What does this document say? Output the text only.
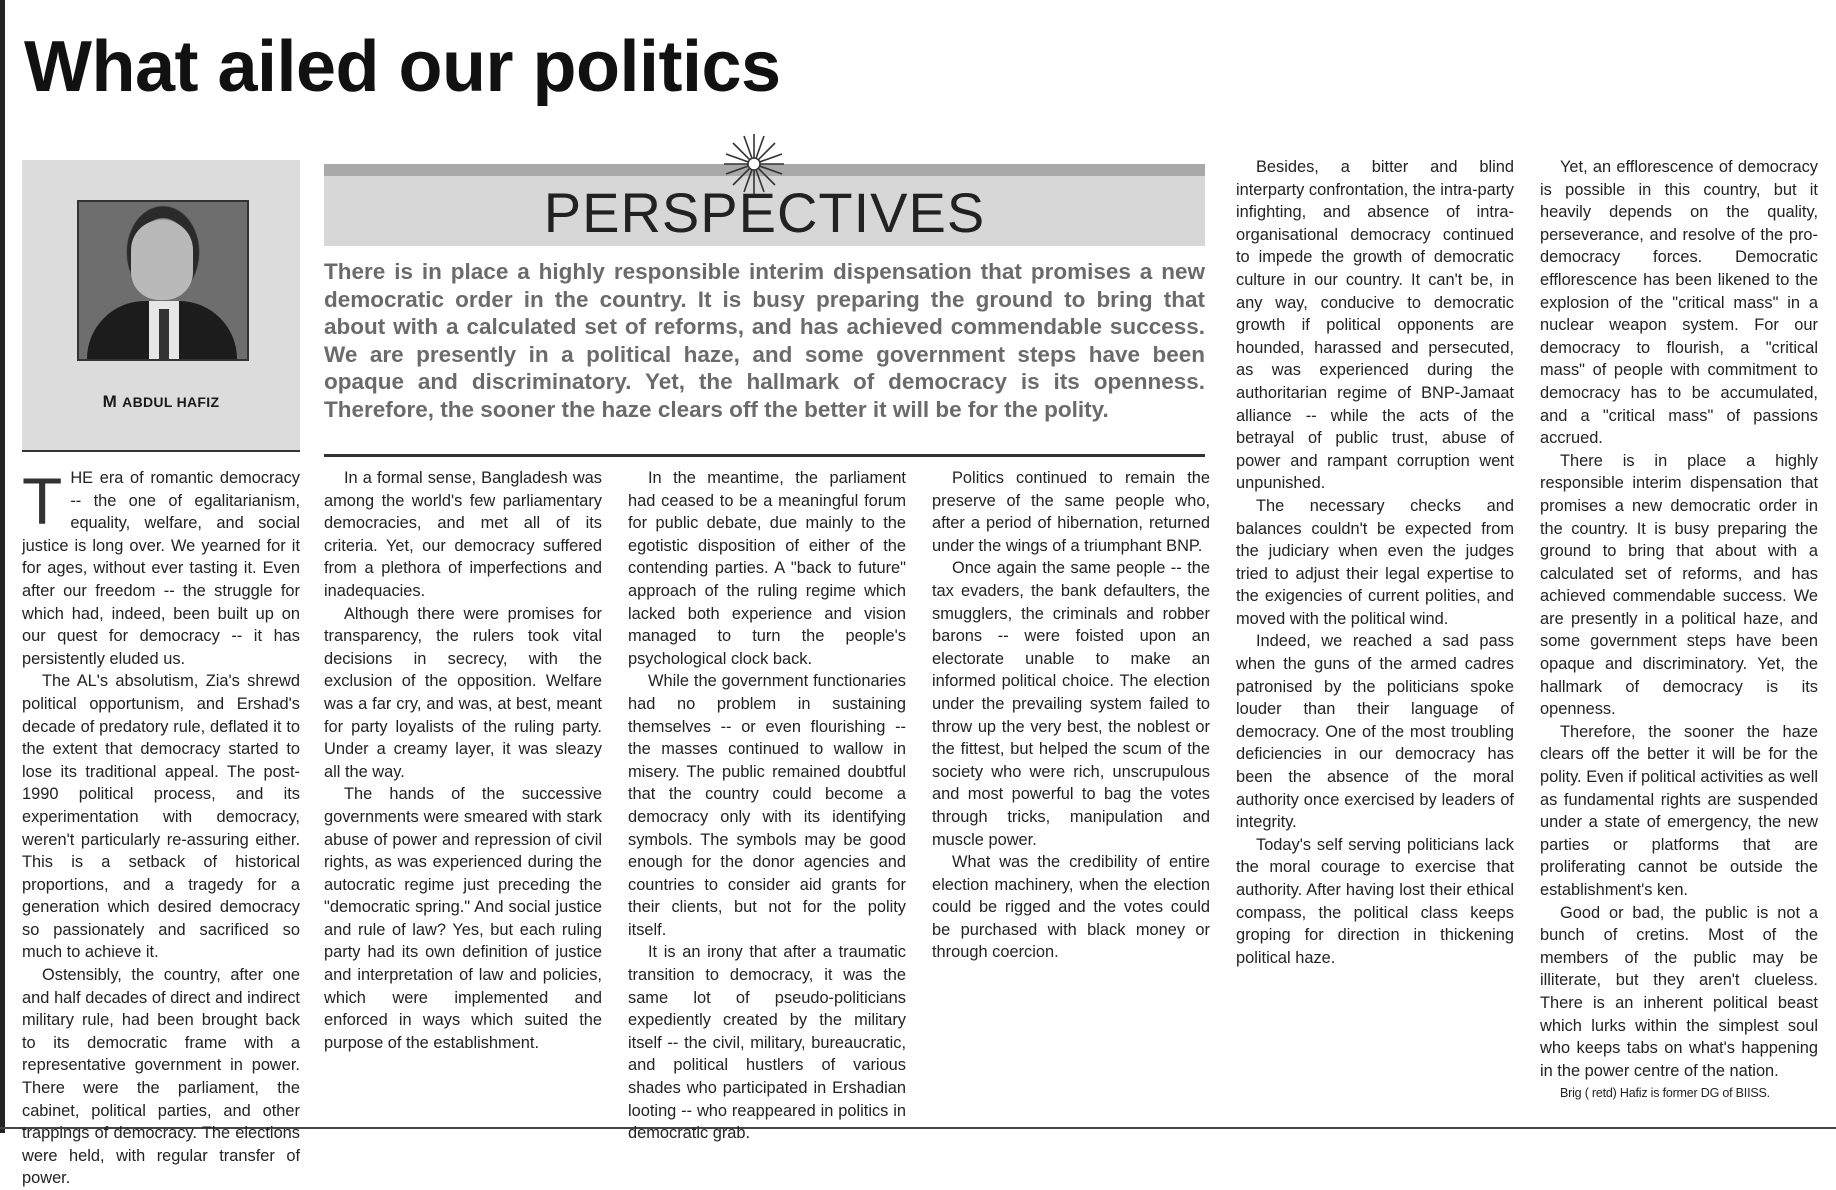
What ailed our politics
M ABDUL HAFIZ
PERSPECTIVES
There is in place a highly responsible interim dispensation that promises a new democratic order in the country. It is busy preparing the ground to bring that about with a calculated set of reforms, and has achieved commendable success. We are presently in a political haze, and some government steps have been opaque and discriminatory. Yet, the hallmark of democracy is its openness. Therefore, the sooner the haze clears off the better it will be for the polity.

THE era of romantic democracy -- the one of egalitarianism, equality, welfare, and social justice is long over. We yearned for it for ages, without ever tasting it. Even after our freedom -- the struggle for which had, indeed, been built up on our quest for democracy -- it has persistently eluded us.

The AL's absolutism, Zia's shrewd political opportunism, and Ershad's decade of predatory rule, deflated it to the extent that democracy started to lose its traditional appeal. The post-1990 political process, and its experimentation with democracy, weren't particularly re-assuring either. This is a setback of historical proportions, and a tragedy for a generation which desired democracy so passionately and sacrificed so much to achieve it.

Ostensibly, the country, after one and half decades of direct and indirect military rule, had been brought back to its democratic frame with a representative government in power. There were the parliament, the cabinet, political parties, and other trappings of democracy. The elections were held, with regular transfer of power.

In a formal sense, Bangladesh was among the world's few parliamentary democracies, and met all of its criteria. Yet, our democracy suffered from a plethora of imperfections and inadequacies.

Although there were promises for transparency, the rulers took vital decisions in secrecy, with the exclusion of the opposition. Welfare was a far cry, and was, at best, meant for party loyalists of the ruling party. Under a creamy layer, it was sleazy all the way.

The hands of the successive governments were smeared with stark abuse of power and repression of civil rights, as was experienced during the autocratic regime just preceding the "democratic spring." And social justice and rule of law? Yes, but each ruling party had its own definition of justice and interpretation of law and policies, which were implemented and enforced in ways which suited the purpose of the establishment.

In the meantime, the parliament had ceased to be a meaningful forum for public debate, due mainly to the egotistic disposition of either of the contending parties. A "back to future" approach of the ruling regime which lacked both experience and vision managed to turn the people's psychological clock back.

While the government functionaries had no problem in sustaining themselves -- or even flourishing -- the masses continued to wallow in misery. The public remained doubtful that the country could become a democracy only with its identifying symbols. The symbols may be good enough for the donor agencies and countries to consider aid grants for their clients, but not for the polity itself.

It is an irony that after a traumatic transition to democracy, it was the same lot of pseudo-politicians expediently created by the military itself -- the civil, military, bureaucratic, and political hustlers of various shades who participated in Ershadian looting -- who reappeared in politics in democratic grab.

Politics continued to remain the preserve of the same people who, after a period of hibernation, returned under the wings of a triumphant BNP.

Once again the same people -- the tax evaders, the bank defaulters, the smugglers, the criminals and robber barons -- were foisted upon an electorate unable to make an informed political choice. The election under the prevailing system failed to throw up the very best, the noblest or the fittest, but helped the scum of the society who were rich, unscrupulous and most powerful to bag the votes through tricks, manipulation and muscle power.

What was the credibility of entire election machinery, when the election could be rigged and the votes could be purchased with black money or through coercion.

Besides, a bitter and blind interparty confrontation, the intra-party infighting, and absence of intra-organisational democracy continued to impede the growth of democratic culture in our country. It can't be, in any way, conducive to democratic growth if political opponents are hounded, harassed and persecuted, as was experienced during the authoritarian regime of BNP-Jamaat alliance -- while the acts of the betrayal of public trust, abuse of power and rampant corruption went unpunished.

The necessary checks and balances couldn't be expected from the judiciary when even the judges tried to adjust their legal expertise to the exigencies of current polities, and moved with the political wind.

Indeed, we reached a sad pass when the guns of the armed cadres patronised by the politicians spoke louder than their language of democracy. One of the most troubling deficiencies in our democracy has been the absence of the moral authority once exercised by leaders of integrity.

Today's self serving politicians lack the moral courage to exercise that authority. After having lost their ethical compass, the political class keeps groping for direction in thickening political haze.

Yet, an efflorescence of democracy is possible in this country, but it heavily depends on the quality, perseverance, and resolve of the pro-democracy forces. Democratic efflorescence has been likened to the explosion of the "critical mass" in a nuclear weapon system. For our democracy to flourish, a "critical mass" of people with commitment to democracy has to be accumulated, and a "critical mass" of passions accrued.

There is in place a highly responsible interim dispensation that promises a new democratic order in the country. It is busy preparing the ground to bring that about with a calculated set of reforms, and has achieved commendable success. We are presently in a political haze, and some government steps have been opaque and discriminatory. Yet, the hallmark of democracy is its openness.

Therefore, the sooner the haze clears off the better it will be for the polity. Even if political activities as well as fundamental rights are suspended under a state of emergency, the new parties or platforms that are proliferating cannot be outside the establishment's ken.

Good or bad, the public is not a bunch of cretins. Most of the members of the public may be illiterate, but they aren't clueless. There is an inherent political beast which lurks within the simplest soul who keeps tabs on what's happening in the power centre of the nation.

Brig ( retd) Hafiz is former DG of BIISS.
